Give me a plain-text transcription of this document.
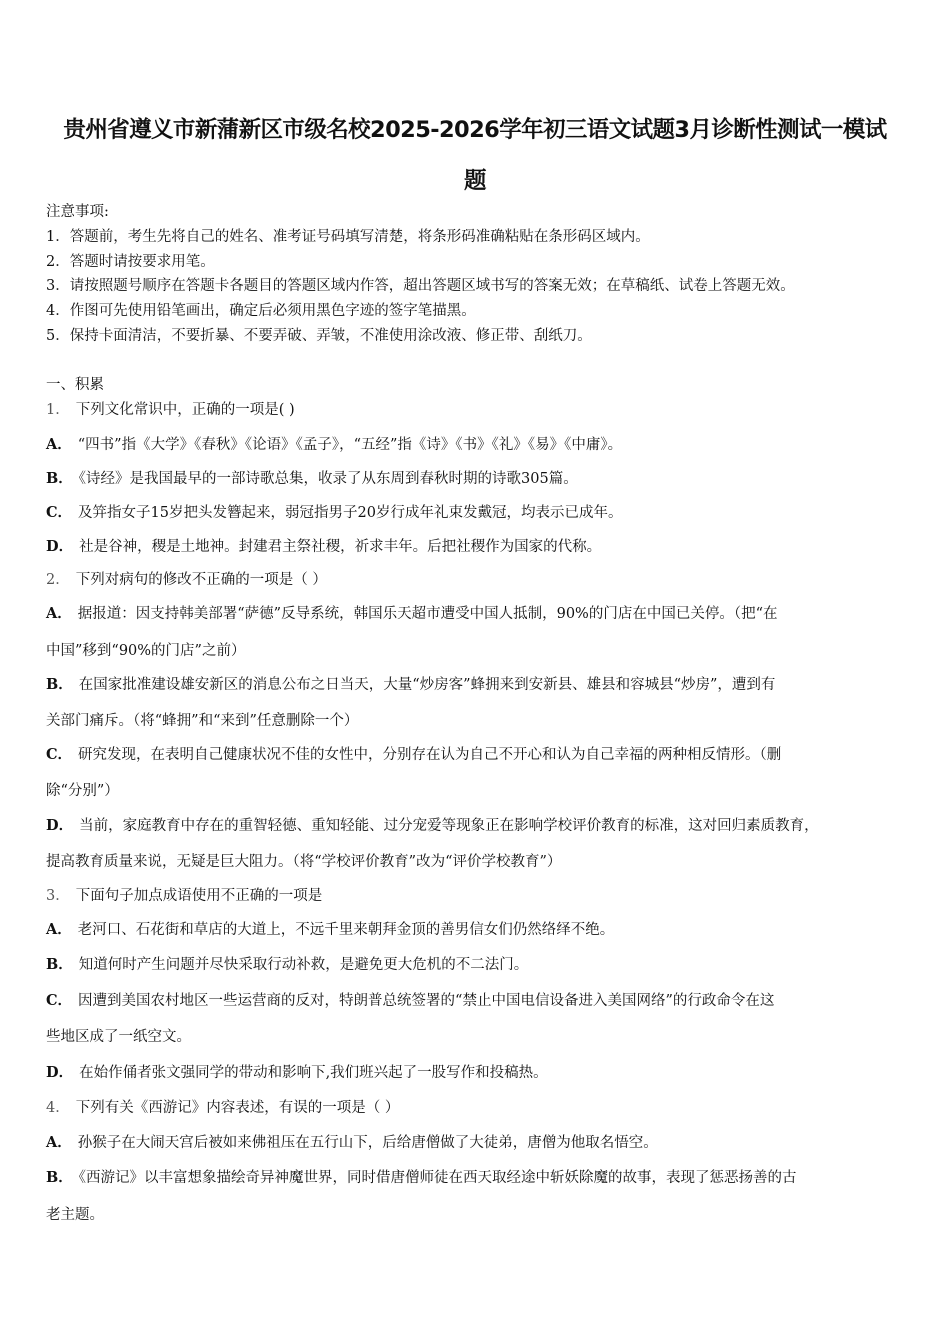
贵州省遵义市新蒲新区市级名校2025-2026学年初三语文试题3月诊断性测试一模试
题
注意事项:
1．答题前，考生先将自己的姓名、准考证号码填写清楚，将条形码准确粘贴在条形码区域内。
2．答题时请按要求用笔。
3．请按照题号顺序在答题卡各题目的答题区域内作答，超出答题区域书写的答案无效；在草稿纸、试卷上答题无效。
4．作图可先使用铅笔画出，确定后必须用黑色字迹的签字笔描黑。
5．保持卡面清洁，不要折暴、不要弄破、弄皱，不准使用涂改液、修正带、刮纸刀。
一、积累
1． 下列文化常识中，正确的一项是( )
A． “四书”指《大学》《春秋》《论语》《孟子》，“五经”指《诗》《书》《礼》《易》《中庸》。
B． 《诗经》是我国最早的一部诗歌总集，收录了从东周到春秋时期的诗歌305篇。
C． 及笄指女子15岁把头发簪起来，弱冠指男子20岁行成年礼束发戴冠，均表示已成年。
D． 社是谷神，稷是土地神。封建君主祭社稷，祈求丰年。后把社稷作为国家的代称。
2． 下列对病句的修改不正确的一项是（ ）
A． 据报道：因支持韩美部署“萨德”反导系统，韩国乐天超市遭受中国人抵制，90%的门店在中国已关停。（把“在
中国”移到“90%的门店”之前）
B． 在国家批准建设雄安新区的消息公布之日当天，大量“炒房客”蜂拥来到安新县、雄县和容城县“炒房”，遭到有
关部门痛斥。（将“蜂拥”和“来到”任意删除一个）
C． 研究发现，在表明自己健康状况不佳的女性中，分别存在认为自己不开心和认为自己幸福的两种相反情形。（删
除“分别”）
D． 当前，家庭教育中存在的重智轻德、重知轻能、过分宠爱等现象正在影响学校评价教育的标准，这对回归素质教育，
提高教育质量来说，无疑是巨大阻力。（将“学校评价教育”改为“评价学校教育”）
3． 下面句子加点成语使用不正确的一项是
A． 老河口、石花街和草店的大道上，不远千里来朝拜金顶的善男信女们仍然络绎不绝。
B． 知道何时产生问题并尽快采取行动补救，是避免更大危机的不二法门。
C． 因遭到美国农村地区一些运营商的反对，特朗普总统签署的“禁止中国电信设备进入美国网络”的行政命令在这
些地区成了一纸空文。
D． 在始作俑者张文强同学的带动和影响下,我们班兴起了一股写作和投稿热。
4． 下列有关《西游记》内容表述，有误的一项是（ ）
A． 孙猴子在大闹天宫后被如来佛祖压在五行山下，后给唐僧做了大徒弟，唐僧为他取名悟空。
B． 《西游记》以丰富想象描绘奇异神魔世界，同时借唐僧师徒在西天取经途中斩妖除魔的故事，表现了惩恶扬善的古
老主题。
